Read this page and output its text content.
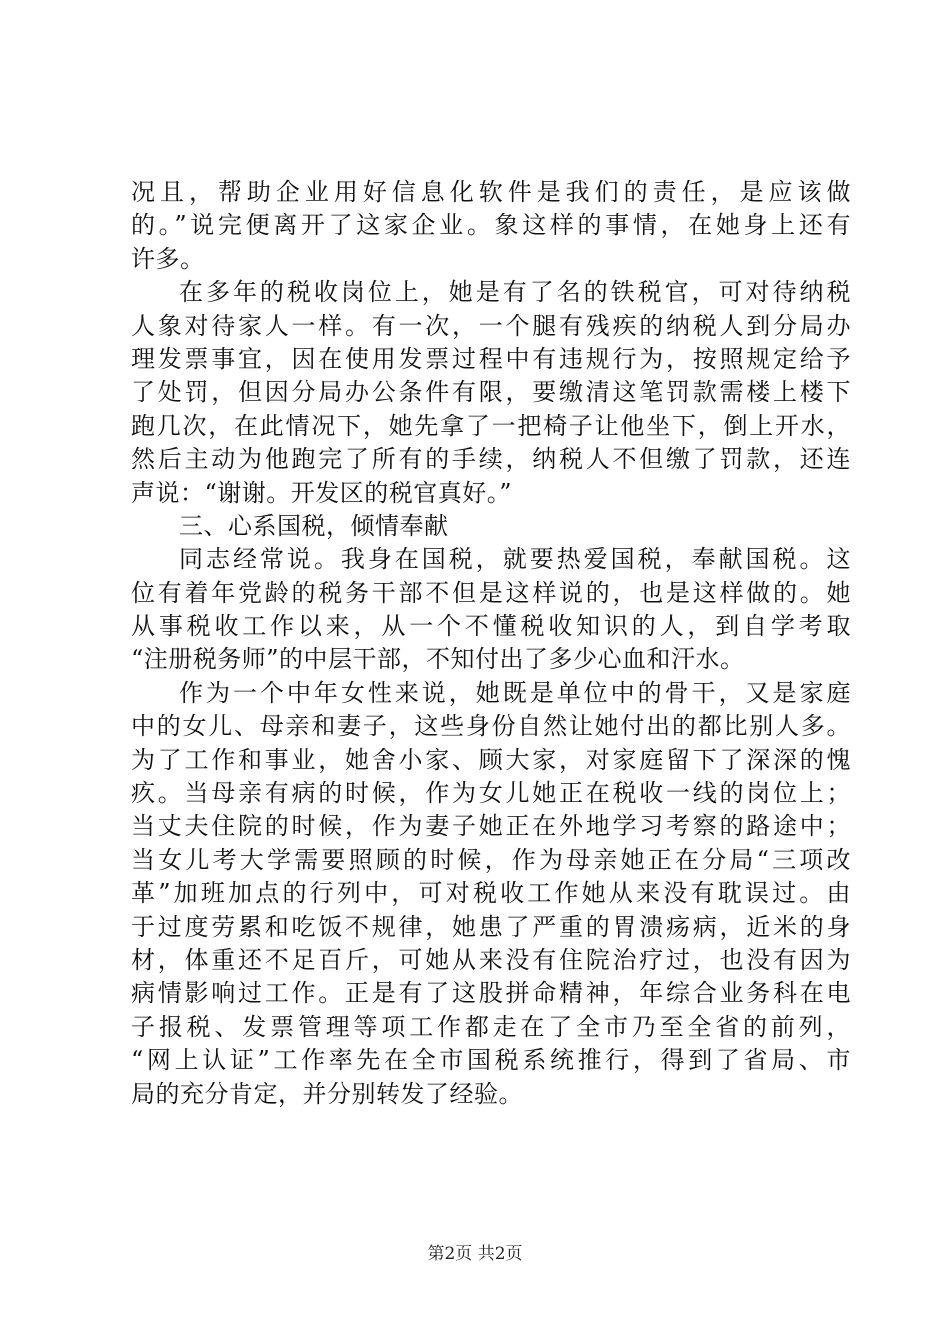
况且，帮助企业用好信息化软件是我们的责任，是应该做
的。”说完便离开了这家企业。象这样的事情，在她身上还有
许多。
在多年的税收岗位上，她是有了名的铁税官，可对待纳税
人象对待家人一样。有一次，一个腿有残疾的纳税人到分局办
理发票事宜，因在使用发票过程中有违规行为，按照规定给予
了处罚，但因分局办公条件有限，要缴清这笔罚款需楼上楼下
跑几次，在此情况下，她先拿了一把椅子让他坐下，倒上开水，
然后主动为他跑完了所有的手续，纳税人不但缴了罚款，还连
声说：“谢谢。开发区的税官真好。”
三、心系国税，倾情奉献
同志经常说。我身在国税，就要热爱国税，奉献国税。这
位有着年党龄的税务干部不但是这样说的，也是这样做的。她
从事税收工作以来，从一个不懂税收知识的人，到自学考取
“注册税务师”的中层干部，不知付出了多少心血和汗水。
作为一个中年女性来说，她既是单位中的骨干，又是家庭
中的女儿、母亲和妻子，这些身份自然让她付出的都比别人多。
为了工作和事业，她舍小家、顾大家，对家庭留下了深深的愧
疚。当母亲有病的时候，作为女儿她正在税收一线的岗位上；
当丈夫住院的时候，作为妻子她正在外地学习考察的路途中；
当女儿考大学需要照顾的时候，作为母亲她正在分局“三项改
革”加班加点的行列中，可对税收工作她从来没有耽误过。由
于过度劳累和吃饭不规律，她患了严重的胃溃疡病，近米的身
材，体重还不足百斤，可她从来没有住院治疗过，也没有因为
病情影响过工作。正是有了这股拼命精神，年综合业务科在电
子报税、发票管理等项工作都走在了全市乃至全省的前列，
“网上认证”工作率先在全市国税系统推行，得到了省局、市
局的充分肯定，并分别转发了经验。
第2页 共2页
